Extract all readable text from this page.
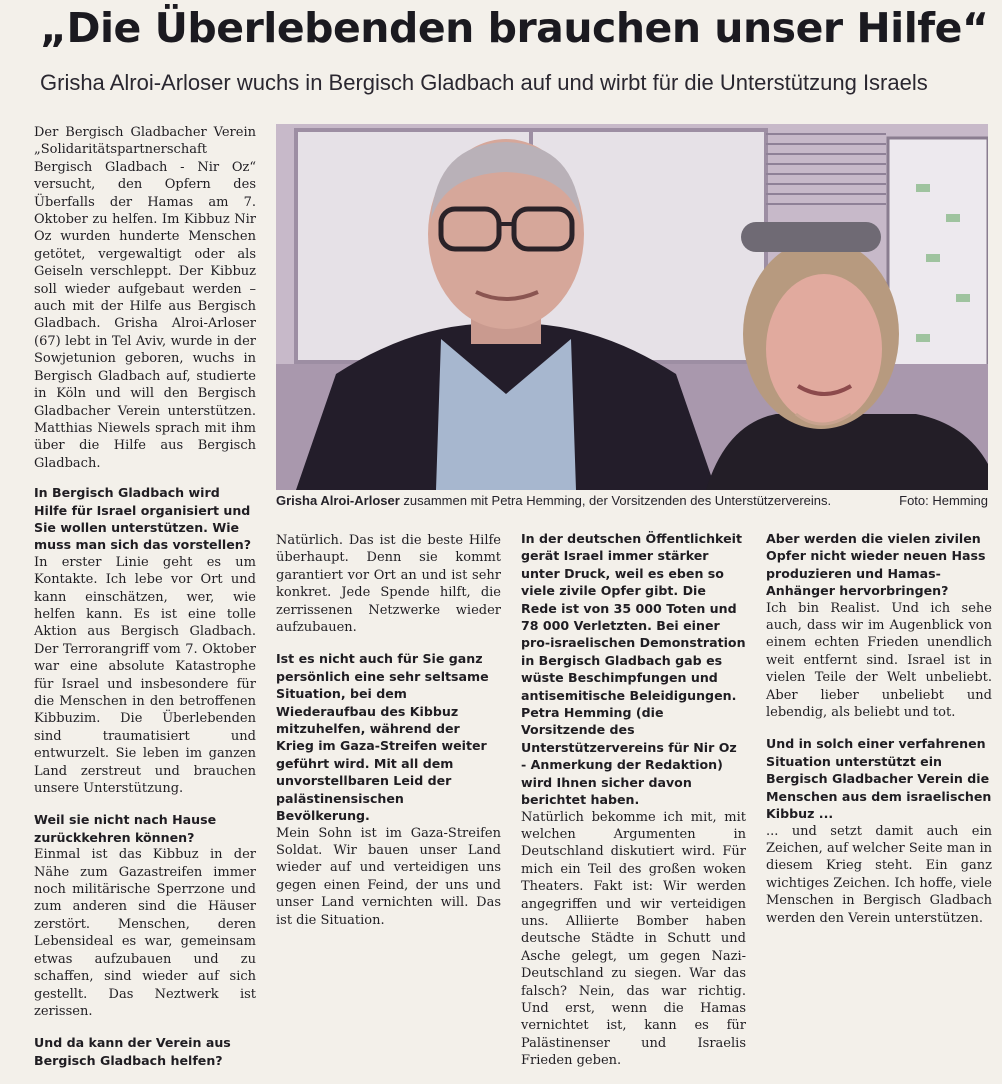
„Die Überlebenden brauchen unser Hilfe“
Grisha Alroi-Arloser wuchs in Bergisch Gladbach auf und wirbt für die Unterstützung Israels

Der Bergisch Gladbacher Verein „Solidaritätspartnerschaft Bergisch Gladbach - Nir Oz“ versucht, den Opfern des Überfalls der Hamas am 7. Oktober zu helfen. Im Kibbuz Nir Oz wurden hunderte Menschen getötet, vergewaltigt oder als Geiseln verschleppt. Der Kibbuz soll wieder aufgebaut werden – auch mit der Hilfe aus Bergisch Gladbach. Grisha Alroi-Arloser (67) lebt in Tel Aviv, wurde in der Sowjetunion geboren, wuchs in Bergisch Gladbach auf, studierte in Köln und will den Bergisch Gladbacher Verein unterstützen. Matthias Niewels sprach mit ihm über die Hilfe aus Bergisch Gladbach.

In Bergisch Gladbach wird Hilfe für Israel organisiert und Sie wollen unterstützen. Wie muss man sich das vorstellen?

In erster Linie geht es um Kontakte. Ich lebe vor Ort und kann einschätzen, wer, wie helfen kann. Es ist eine tolle Aktion aus Bergisch Gladbach. Der Terrorangriff vom 7. Oktober war eine absolute Katastrophe für Israel und insbesondere für die Menschen in den betroffenen Kibbuzim. Die Überlebenden sind traumatisiert und entwurzelt. Sie leben im ganzen Land zerstreut und brauchen unsere Unterstützung.

Weil sie nicht nach Hause zurückkehren können?

Einmal ist das Kibbuz in der Nähe zum Gazastreifen immer noch militärische Sperrzone und zum anderen sind die Häuser zerstört. Menschen, deren Lebensideal es war, gemeinsam etwas aufzubauen und zu schaffen, sind wieder auf sich gestellt. Das Neztwerk ist zerissen.

Und da kann der Verein aus Bergisch Gladbach helfen?

Grisha Alroi-Arloser zusammen mit Petra Hemming, der Vorsitzenden des Unterstützervereins.	Foto: Hemming

Natürlich. Das ist die beste Hilfe überhaupt. Denn sie kommt garantiert vor Ort an und ist sehr konkret. Jede Spende hilft, die zerrissenen Netzwerke wieder aufzubauen.

Ist es nicht auch für Sie ganz persönlich eine sehr seltsame Situation, bei dem Wiederaufbau des Kibbuz mitzuhelfen, während der Krieg im Gaza-Streifen weiter geführt wird. Mit all dem unvorstellbaren Leid der palästinensischen Bevölkerung.

Mein Sohn ist im Gaza-Streifen Soldat. Wir bauen unser Land wieder auf und verteidigen uns gegen einen Feind, der uns und unser Land vernichten will. Das ist die Situation.

In der deutschen Öffentlichkeit gerät Israel immer stärker unter Druck, weil es eben so viele zivile Opfer gibt. Die Rede ist von 35 000 Toten und 78 000 Verletzten. Bei einer pro-israelischen Demonstration in Bergisch Gladbach gab es wüste Beschimpfungen und antisemitische Beleidigungen. Petra Hemming (die Vorsitzende des Unterstützervereins für Nir Oz - Anmerkung der Redaktion) wird Ihnen sicher davon berichtet haben.

Natürlich bekomme ich mit, mit welchen Argumenten in Deutschland diskutiert wird. Für mich ein Teil des großen woken Theaters. Fakt ist: Wir werden angegriffen und wir verteidigen uns. Alliierte Bomber haben deutsche Städte in Schutt und Asche gelegt, um gegen Nazi-Deutschland zu siegen. War das falsch? Nein, das war richtig. Und erst, wenn die Hamas vernichtet ist, kann es für Palästinenser und Israelis Frieden geben.

Aber werden die vielen zivilen Opfer nicht wieder neuen Hass produzieren und Hamas-Anhänger hervorbringen?

Ich bin Realist. Und ich sehe auch, dass wir im Augenblick von einem echten Frieden unendlich weit entfernt sind. Israel ist in vielen Teile der Welt unbeliebt. Aber lieber unbeliebt und lebendig, als beliebt und tot.

Und in solch einer verfahrenen Situation unterstützt ein Bergisch Gladbacher Verein die Menschen aus dem israelischen Kibbuz ...

... und setzt damit auch ein Zeichen, auf welcher Seite man in diesem Krieg steht. Ein ganz wichtiges Zeichen. Ich hoffe, viele Menschen in Bergisch Gladbach werden den Verein unterstützen.
